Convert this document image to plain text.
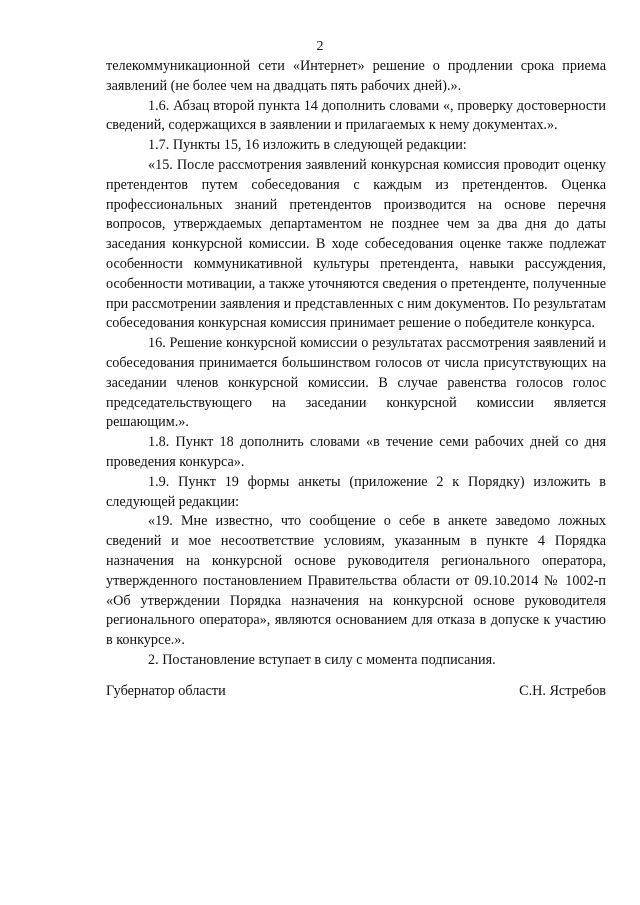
2

телекоммуникационной сети «Интернет» решение о продлении срока приема заявлений (не более чем на двадцать пять рабочих дней).».

1.6. Абзац второй пункта 14 дополнить словами «, проверку достоверности сведений, содержащихся в заявлении и прилагаемых к нему документах.».

1.7. Пункты 15, 16 изложить в следующей редакции:

«15. После рассмотрения заявлений конкурсная комиссия проводит оценку претендентов путем собеседования с каждым из претендентов. Оценка профессиональных знаний претендентов производится на основе перечня вопросов, утверждаемых департаментом не позднее чем за два дня до даты заседания конкурсной комиссии. В ходе собеседования оценке также подлежат особенности коммуникативной культуры претендента, навыки рассуждения, особенности мотивации, а также уточняются сведения о претенденте, полученные при рассмотрении заявления и представленных с ним документов. По результатам собеседования конкурсная комиссия принимает решение о победителе конкурса.

16. Решение конкурсной комиссии о результатах рассмотрения заявлений и собеседования принимается большинством голосов от числа присутствующих на заседании членов конкурсной комиссии. В случае равенства голосов голос председательствующего на заседании конкурсной комиссии является решающим.».

1.8. Пункт 18 дополнить словами «в течение семи рабочих дней со дня проведения конкурса».

1.9. Пункт 19 формы анкеты (приложение 2 к Порядку) изложить в следующей редакции:

«19. Мне известно, что сообщение о себе в анкете заведомо ложных сведений и мое несоответствие условиям, указанным в пункте 4 Порядка назначения на конкурсной основе руководителя регионального оператора, утвержденного постановлением Правительства области от 09.10.2014 № 1002-п «Об утверждении Порядка назначения на конкурсной основе руководителя регионального оператора», являются основанием для отказа в допуске к участию в конкурсе.».

2. Постановление вступает в силу с момента подписания.

Губернатор области	С.Н. Ястребов
